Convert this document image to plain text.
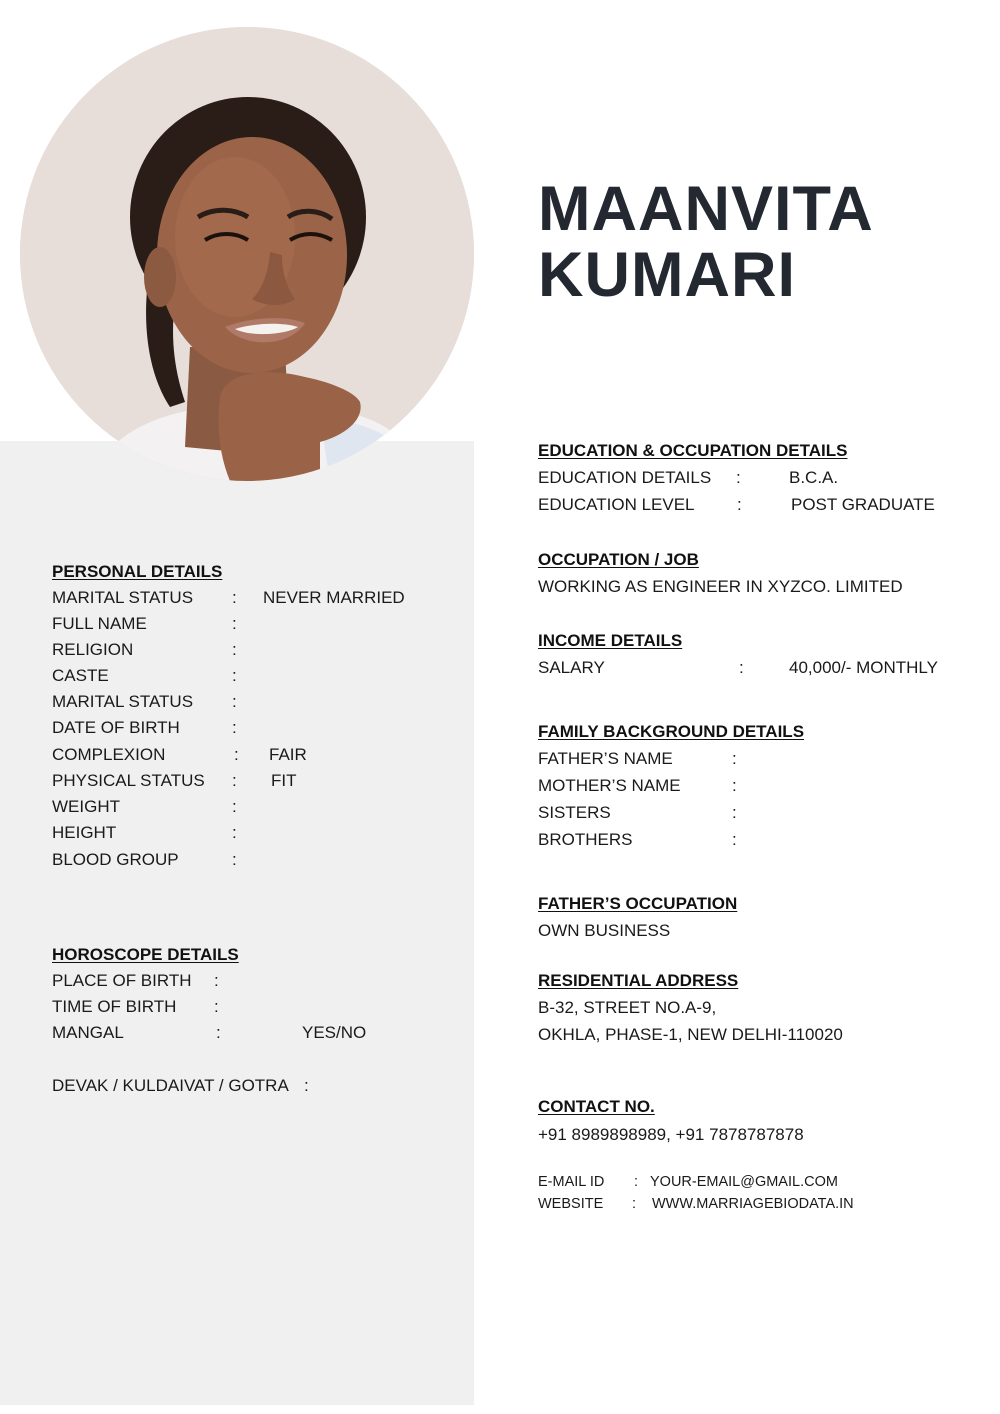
MAANVITA
KUMARI
PERSONAL DETAILS
MARITAL STATUS : NEVER MARRIED
FULL NAME	:
RELIGION	:
CASTE	:
MARITAL STATUS :
DATE OF BIRTH	:
COMPLEXION	: FAIR
PHYSICAL STATUS : FIT
WEIGHT	:
HEIGHT	:
BLOOD GROUP	:
HOROSCOPE DETAILS
PLACE OF BIRTH :
TIME OF BIRTH :
MANGAL	:	YES/NO
DEVAK / KULDAIVAT / GOTRA :
EDUCATION & OCCUPATION DETAILS
EDUCATION DETAILS :	B.C.A.
EDUCATION LEVEL :	POST GRADUATE
OCCUPATION / JOB
WORKING AS ENGINEER IN XYZCO. LIMITED
INCOME DETAILS
SALARY	:	40,000/- MONTHLY
FAMILY BACKGROUND DETAILS
FATHER’S NAME	:
MOTHER’S NAME	:
SISTERS	:
BROTHERS	:
FATHER’S OCCUPATION
OWN BUSINESS
RESIDENTIAL ADDRESS
B-32, STREET NO.A-9,
OKHLA, PHASE-1, NEW DELHI-110020
CONTACT NO.
+91 8989898989, +91 7878787878
E-MAIL ID : YOUR-EMAIL@GMAIL.COM
WEBSITE : WWW.MARRIAGEBIODATA.IN
